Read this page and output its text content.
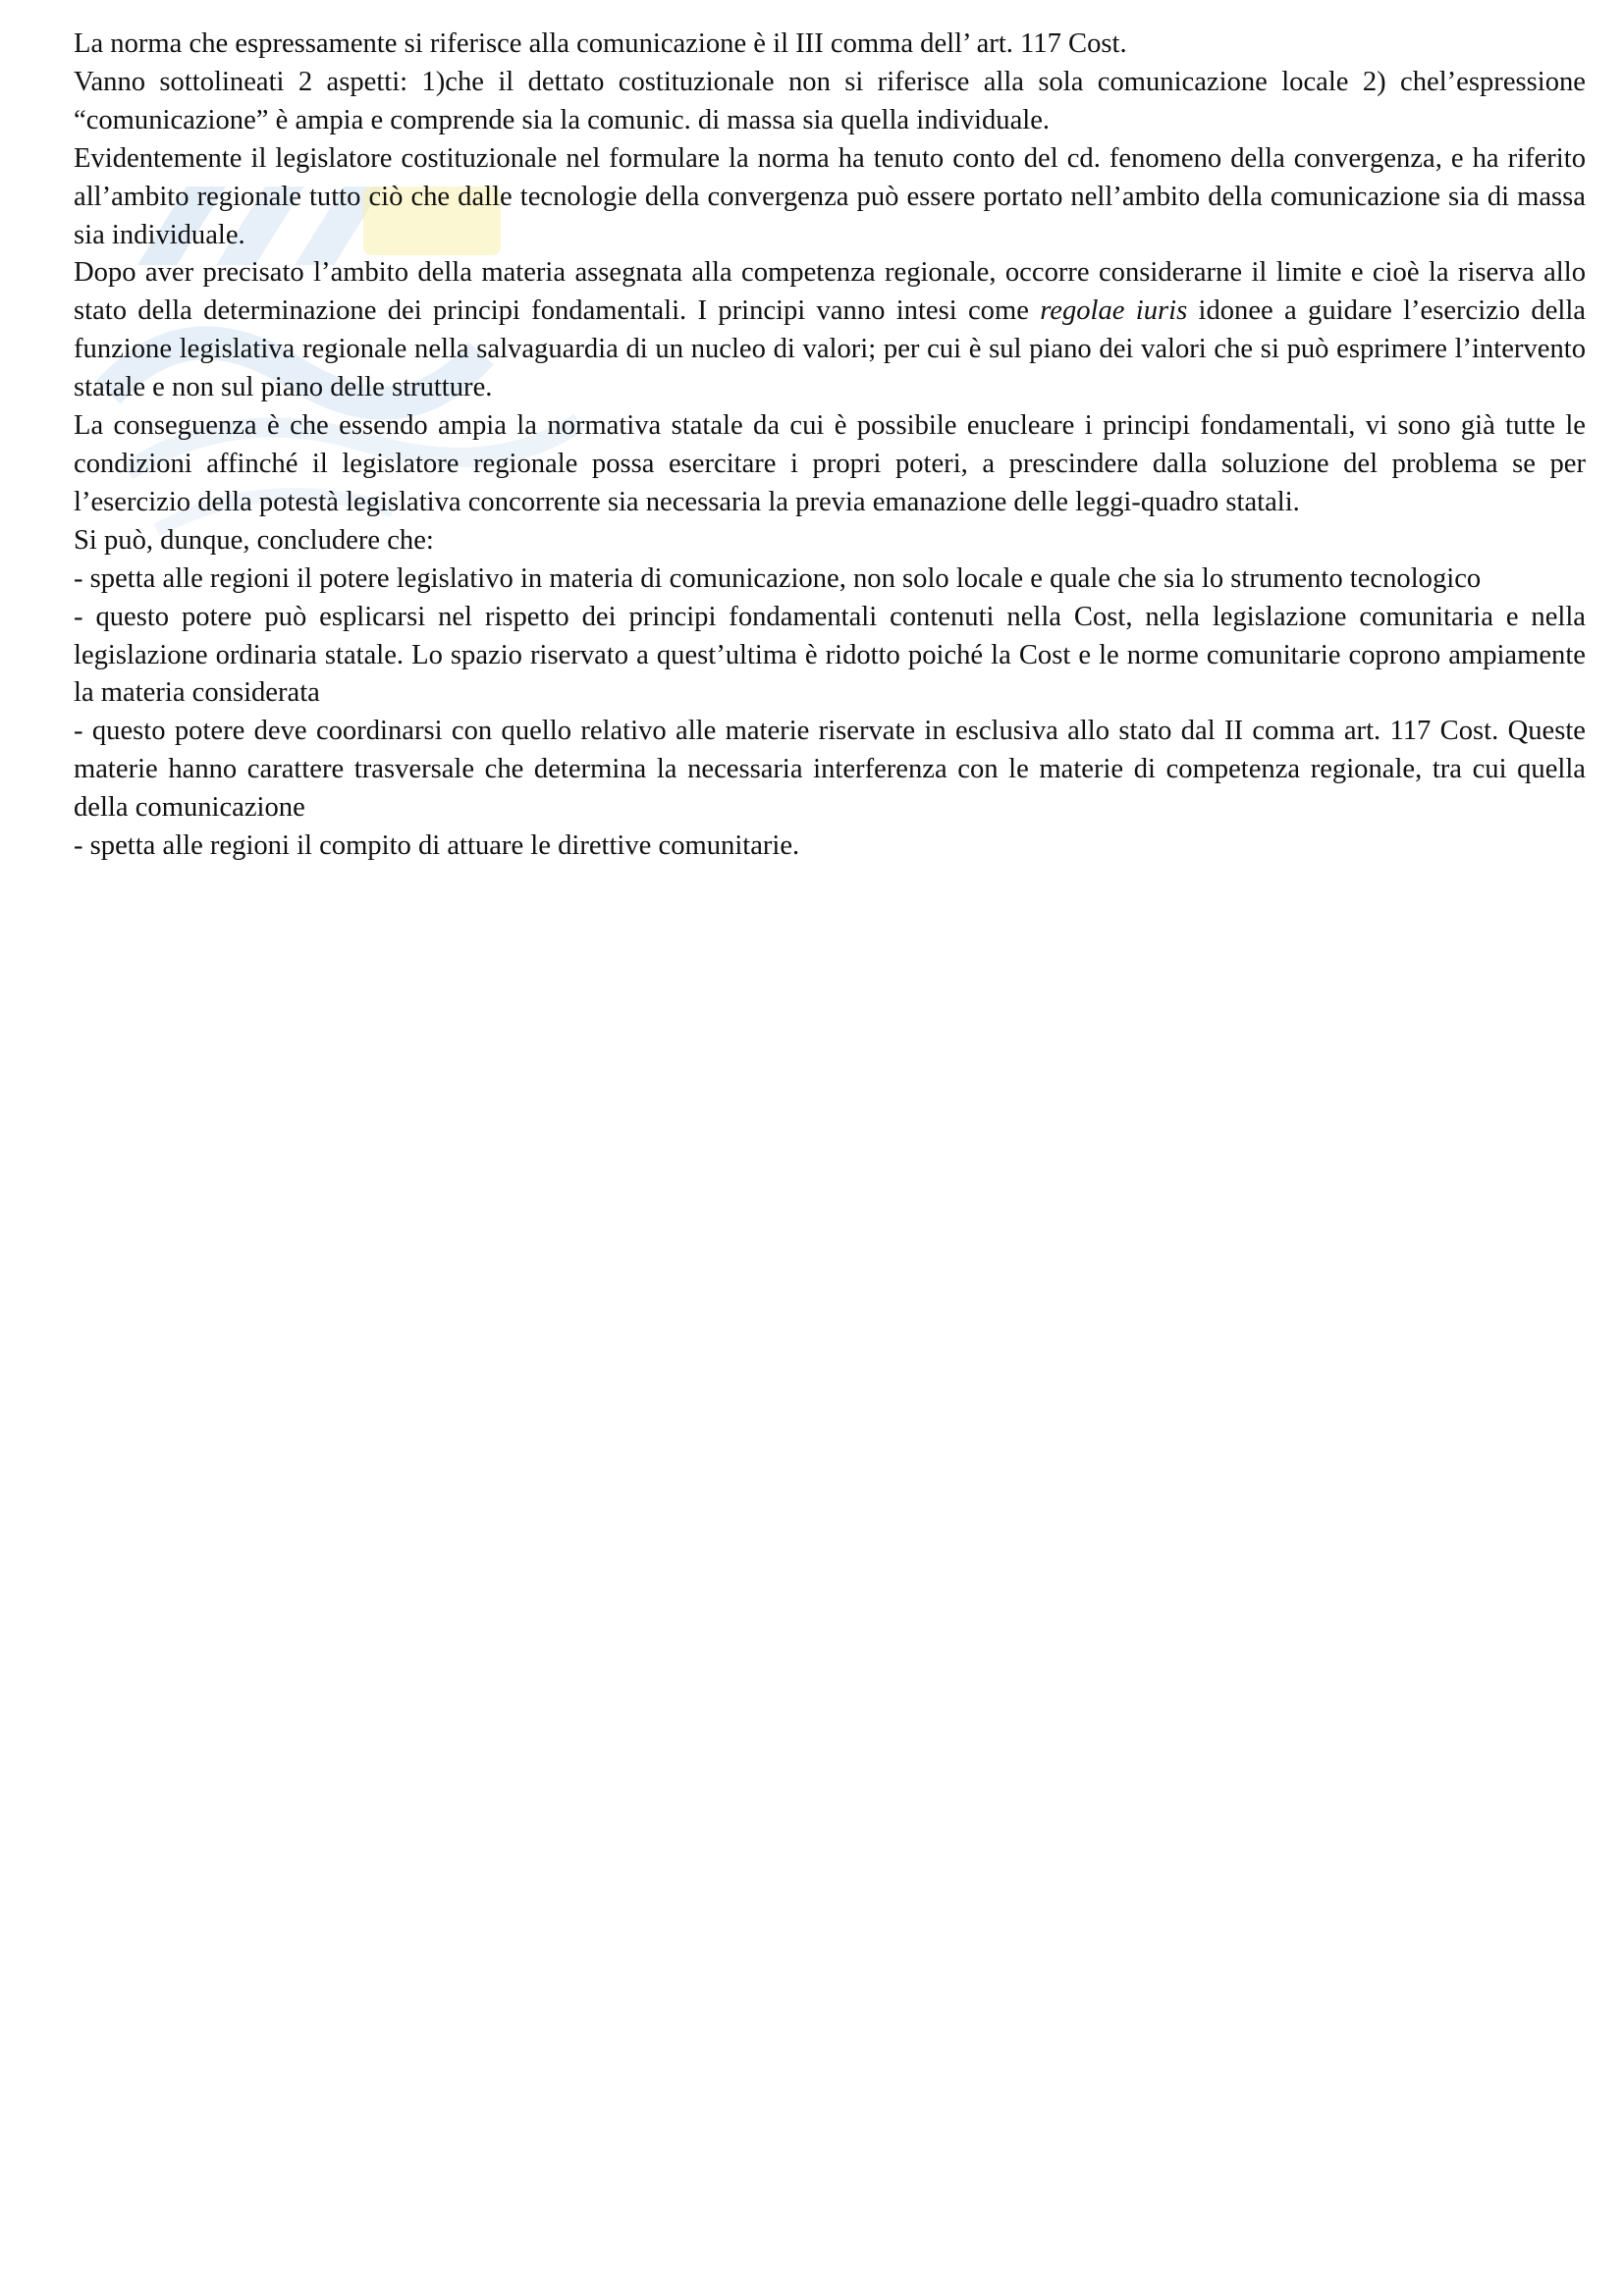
La norma che espressamente si riferisce alla comunicazione è il III comma dell’ art. 117 Cost.

Vanno sottolineati 2 aspetti: 1)che il dettato costituzionale non si riferisce alla sola comunicazione locale 2) chel’espressione “comunicazione” è ampia e comprende sia la comunic. di massa sia quella individuale.

Evidentemente il legislatore costituzionale nel formulare la norma ha tenuto conto del cd. fenomeno della convergenza, e ha riferito all’ambito regionale tutto ciò che dalle tecnologie della convergenza può essere portato nell’ambito della comunicazione sia di massa sia individuale.

Dopo aver precisato l’ambito della materia assegnata alla competenza regionale, occorre considerarne il limite e cioè la riserva allo stato della determinazione dei principi fondamentali. I principi vanno intesi come regolae iuris idonee a guidare l’esercizio della funzione legislativa regionale nella salvaguardia di un nucleo di valori; per cui è sul piano dei valori che si può esprimere l’intervento statale e non sul piano delle strutture.

La conseguenza è che essendo ampia la normativa statale da cui è possibile enucleare i principi fondamentali, vi sono già tutte le condizioni affinché il legislatore regionale possa esercitare i propri poteri, a prescindere dalla soluzione del problema se per l’esercizio della potestà legislativa concorrente sia necessaria la previa emanazione delle leggi-quadro statali.

Si può, dunque, concludere che:

- spetta alle regioni il potere legislativo in materia di comunicazione, non solo locale e quale che sia lo strumento tecnologico

- questo potere può esplicarsi nel rispetto dei principi fondamentali contenuti nella Cost, nella legislazione comunitaria e nella legislazione ordinaria statale. Lo spazio riservato a quest’ultima è ridotto poiché la Cost e le norme comunitarie coprono ampiamente la materia considerata

- questo potere deve coordinarsi con quello relativo alle materie riservate in esclusiva allo stato dal II comma art. 117 Cost. Queste materie hanno carattere trasversale che determina la necessaria interferenza con le materie di competenza regionale, tra cui quella della comunicazione

- spetta alle regioni il compito di attuare le direttive comunitarie.
